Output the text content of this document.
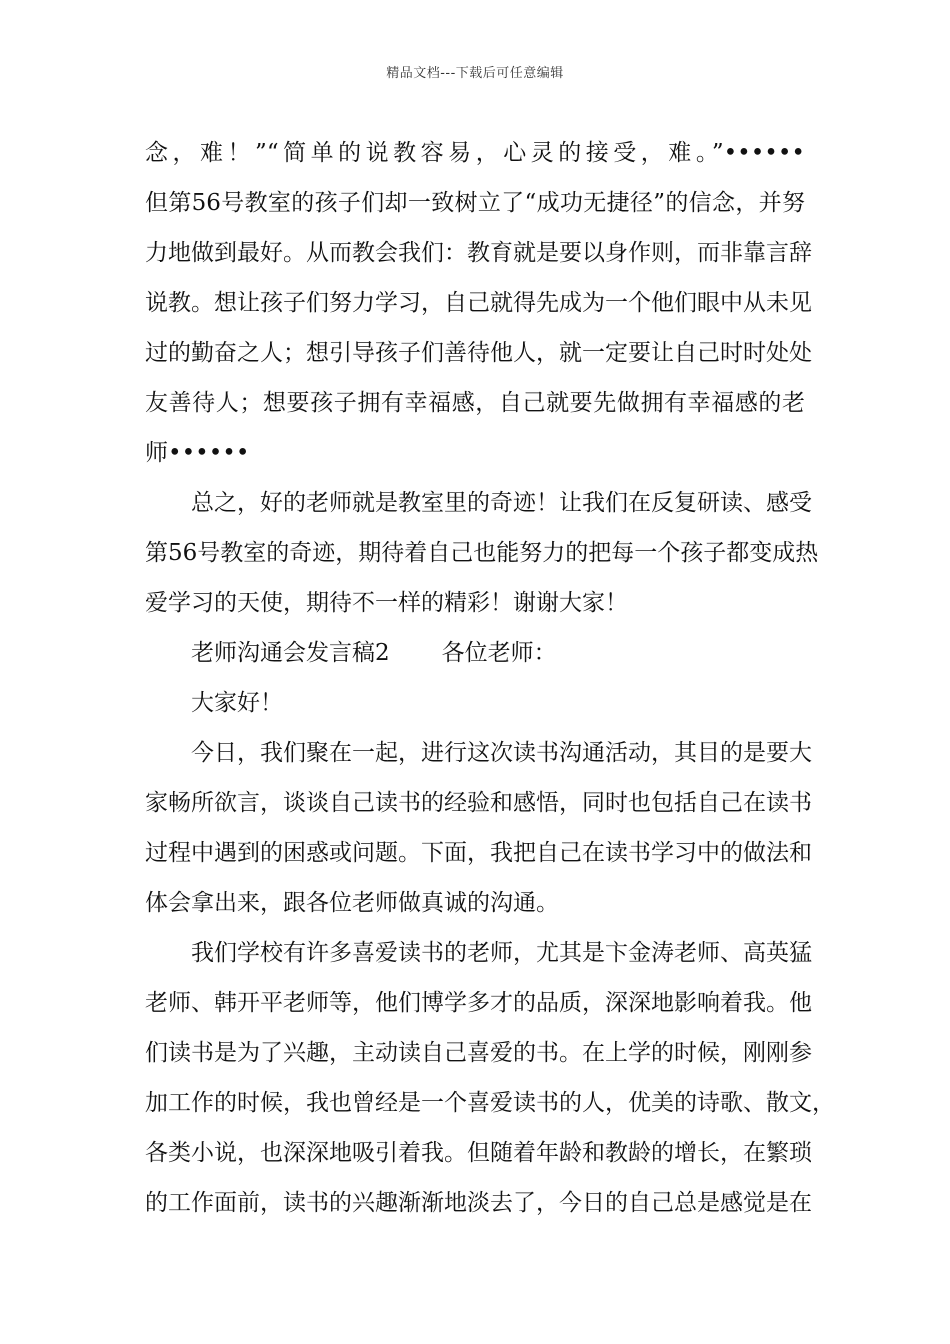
精品文档---下载后可任意编辑
念，难！”“简单的说教容易，心灵的接受，难。”••••••
但第56号教室的孩子们却一致树立了“成功无捷径”的信念，并努
力地做到最好。从而教会我们：教育就是要以身作则，而非靠言辞
说教。想让孩子们努力学习，自己就得先成为一个他们眼中从未见
过的勤奋之人；想引导孩子们善待他人，就一定要让自己时时处处
友善待人；想要孩子拥有幸福感，自己就要先做拥有幸福感的老
师••••••
总之，好的老师就是教室里的奇迹！让我们在反复研读、感受
第56号教室的奇迹，期待着自己也能努力的把每一个孩子都变成热
爱学习的天使，期待不一样的精彩！谢谢大家！
老师沟通会发言稿2 各位老师：
大家好！
今日，我们聚在一起，进行这次读书沟通活动，其目的是要大
家畅所欲言，谈谈自己读书的经验和感悟，同时也包括自己在读书
过程中遇到的困惑或问题。下面，我把自己在读书学习中的做法和
体会拿出来，跟各位老师做真诚的沟通。
我们学校有许多喜爱读书的老师，尤其是卞金涛老师、高英猛
老师、韩开平老师等，他们博学多才的品质，深深地影响着我。他
们读书是为了兴趣，主动读自己喜爱的书。在上学的时候，刚刚参
加工作的时候，我也曾经是一个喜爱读书的人，优美的诗歌、散文，
各类小说，也深深地吸引着我。但随着年龄和教龄的增长，在繁琐
的工作面前，读书的兴趣渐渐地淡去了，今日的自己总是感觉是在
